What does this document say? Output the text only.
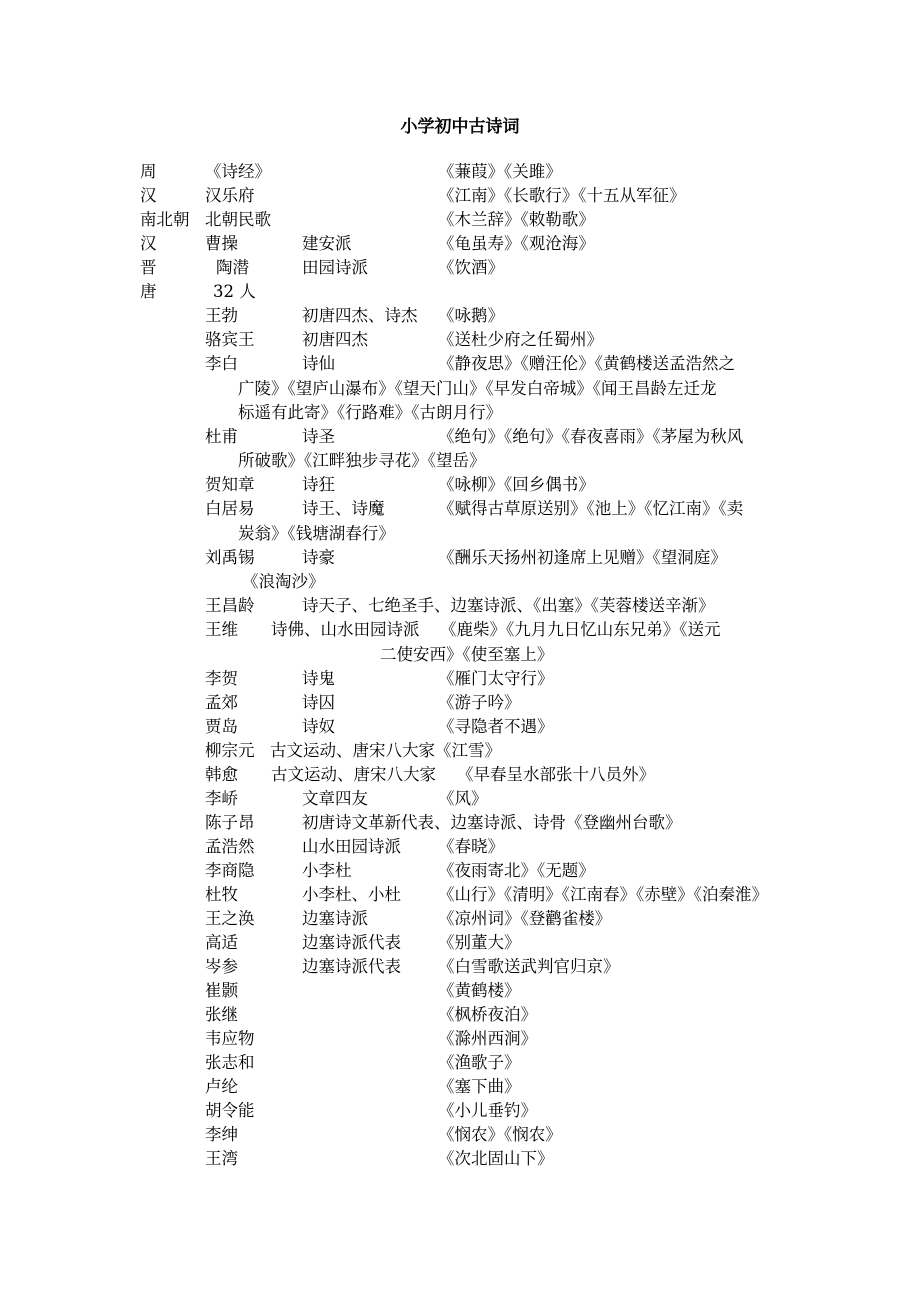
小学初中古诗词
周	《诗经》	《蒹葭》《关雎》
汉	汉乐府	《江南》《长歌行》《十五从军征》
南北朝 北朝民歌	《木兰辞》《敕勒歌》
汉	曹操	建安派	《龟虽寿》《观沧海》
晋	陶潜	田园诗派	《饮酒》
唐	32 人
王勃	初唐四杰、诗杰 《咏鹅》
骆宾王	初唐四杰	《送杜少府之任蜀州》
李白	诗仙	《静夜思》《赠汪伦》《黄鹤楼送孟浩然之
广陵》《望庐山瀑布》《望天门山》《早发白帝城》《闻王昌龄左迁龙
标遥有此寄》《行路难》《古朗月行》
杜甫	诗圣	《绝句》《绝句》《春夜喜雨》《茅屋为秋风
所破歌》《江畔独步寻花》《望岳》
贺知章	诗狂	《咏柳》《回乡偶书》
白居易	诗王、诗魔	《赋得古草原送别》《池上》《忆江南》《卖
炭翁》《钱塘湖春行》
刘禹锡	诗豪	《酬乐天扬州初逢席上见赠》《望洞庭》
《浪淘沙》
王昌龄	诗天子、七绝圣手、边塞诗派、《出塞》《芙蓉楼送辛渐》
王维 诗佛、山水田园诗派 《鹿柴》《九月九日忆山东兄弟》《送元
二使安西》《使至塞上》
李贺	诗鬼	《雁门太守行》
孟郊	诗囚	《游子吟》
贾岛	诗奴	《寻隐者不遇》
柳宗元 古文运动、唐宋八大家《江雪》
韩愈 古文运动、唐宋八大家 《早春呈水部张十八员外》
李峤	文章四友	《风》
陈子昂	初唐诗文革新代表、边塞诗派、诗骨《登幽州台歌》
孟浩然	山水田园诗派 《春晓》
李商隐	小李杜	《夜雨寄北》《无题》
杜牧	小李杜、小杜 《山行》《清明》《江南春》《赤壁》《泊秦淮》
王之涣	边塞诗派	《凉州词》《登鹳雀楼》
高适	边塞诗派代表 《别董大》
岑参	边塞诗派代表 《白雪歌送武判官归京》
崔颢	《黄鹤楼》
张继	《枫桥夜泊》
韦应物	《滁州西涧》
张志和	《渔歌子》
卢纶	《塞下曲》
胡令能	《小儿垂钓》
李绅	《悯农》《悯农》
王湾	《次北固山下》
